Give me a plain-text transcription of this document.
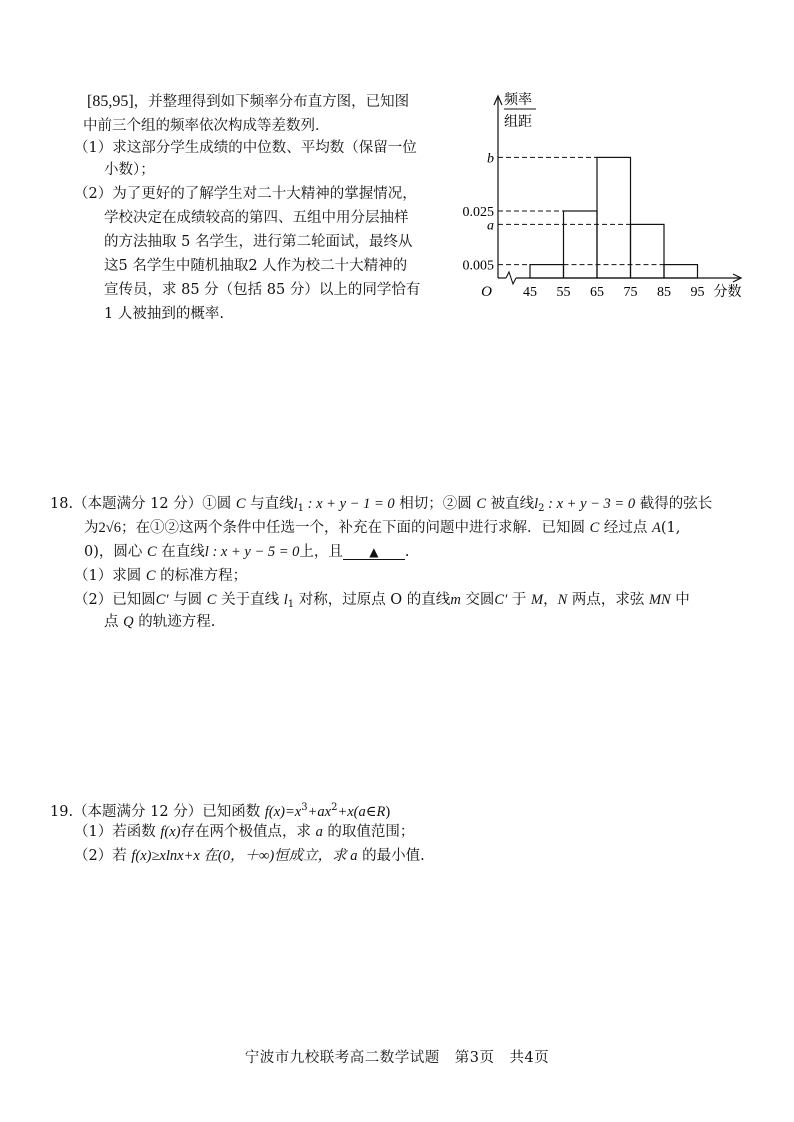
[85,95]，并整理得到如下频率分布直方图，已知图
中前三个组的频率依次构成等差数列．
（1）求这部分学生成绩的中位数、平均数（保留一位
小数）；
（2）为了更好的了解学生对二十大精神的掌握情况，
学校决定在成绩较高的第四、五组中用分层抽样
的方法抽取 5 名学生，进行第二轮面试，最终从
这5 名学生中随机抽取2 人作为校二十大精神的
宣传员，求 85 分（包括 85 分）以上的同学恰有
1 人被抽到的概率.
b
0.025
a
0.005
45 55 65 75 85 95 分数
O
频率
组距
18.（本题满分 12 分）①圆 C 与直线$l_1$ : x + y − 1 = 0 相切；②圆 C 被直线$l_2$ : x + y − 3 = 0 截得的弦长
为2√6；在①②这两个条件中任选一个，补充在下面的问题中进行求解．已知圆 C 经过点 A(1,
0)，圆心 C 在直线l : x + y − 5 = 0上，且 ▲ .
（1）求圆 C 的标准方程；
（2）已知圆C′ 与圆 C 关于直线 $l_1$ 对称，过原点 O 的直线m 交圆C′ 于 M，N 两点，求弦 MN 中
点 Q 的轨迹方程.
19.（本题满分 12 分）已知函数 $f(x)=x^3+ax^2+x(a\in R)$
（1）若函数 f(x)存在两个极值点，求 a 的取值范围；
（2）若 f(x)≥xlnx+x 在(0，＋∞)恒成立，求 a 的最小值.
宁波市九校联考高二数学试题　第3页　共4页
